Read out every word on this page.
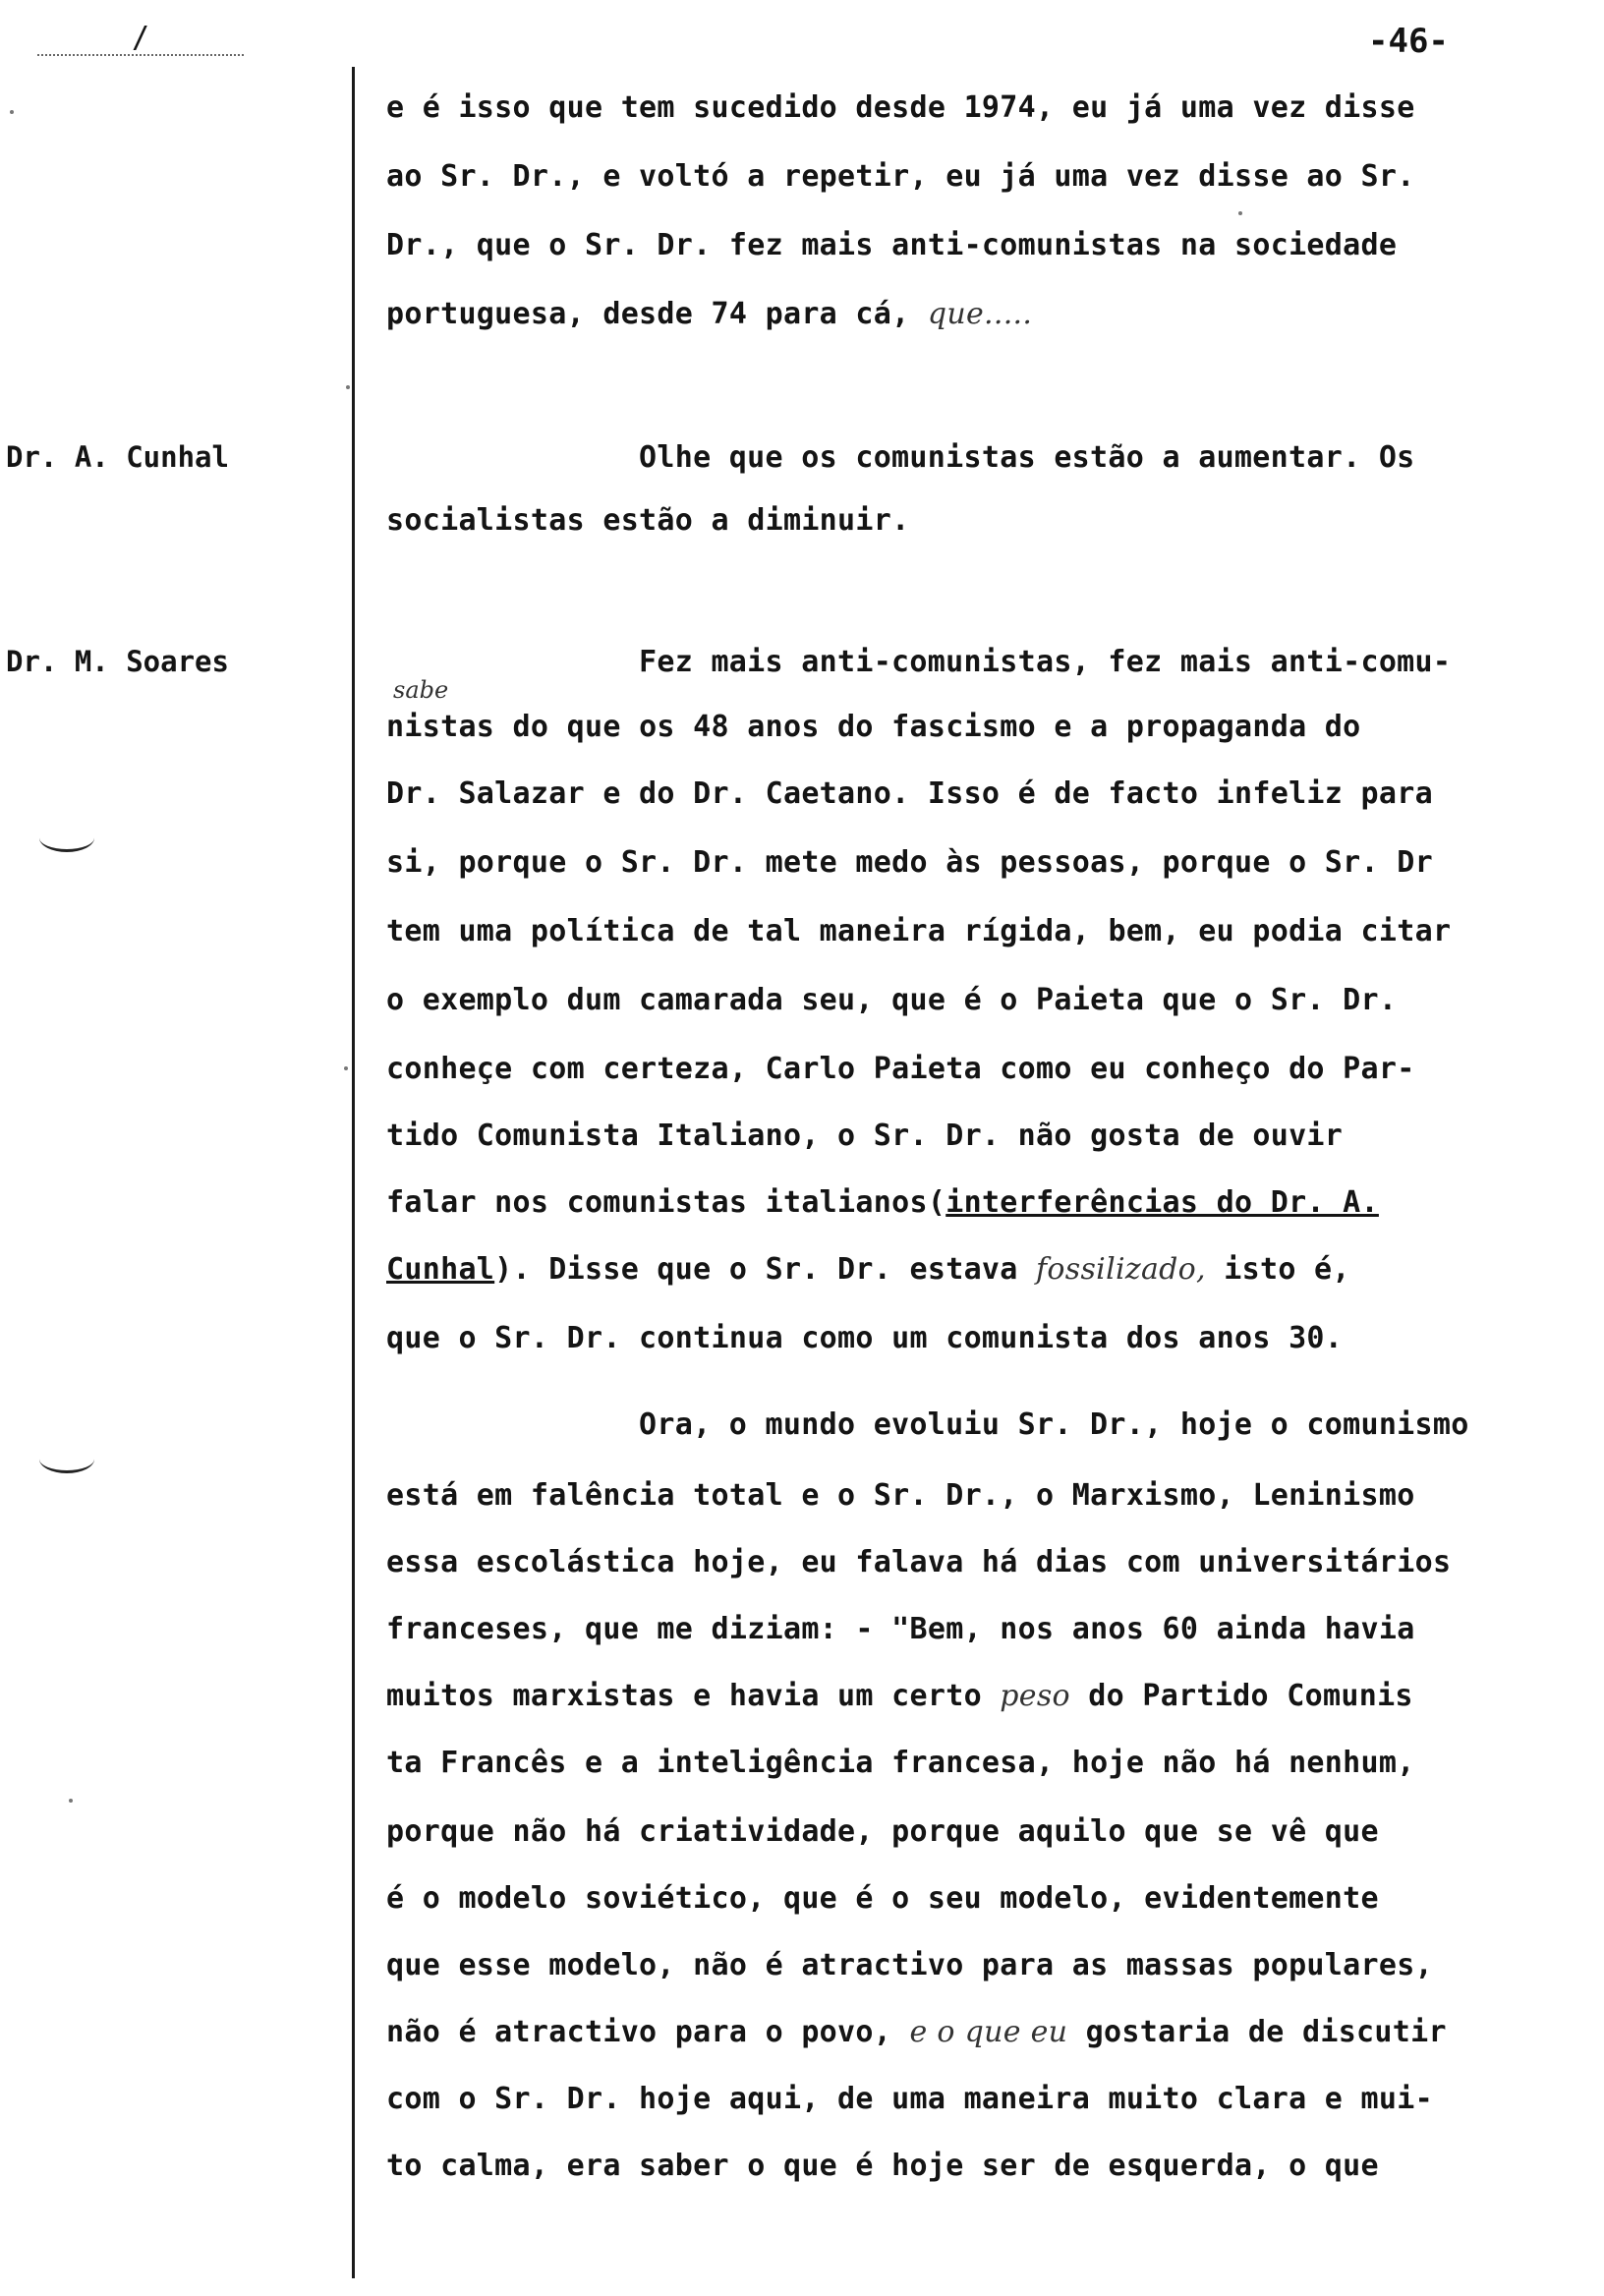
-46-
/
Dr. A. Cunhal
Dr. M. Soares
e é isso que tem sucedido desde 1974, eu já uma vez disse
ao Sr. Dr., e voltó a repetir, eu já uma vez disse ao Sr.
Dr., que o Sr. Dr. fez mais anti-comunistas na sociedade
portuguesa, desde 74 para cá, que.....
Olhe que os comunistas estão a aumentar. Os
socialistas estão a diminuir.
Fez mais anti-comunistas, fez mais anti-comu-
sabe
nistas do que os 48 anos do fascismo e a propaganda do
Dr. Salazar e do Dr. Caetano. Isso é de facto infeliz para
si, porque o Sr. Dr. mete medo às pessoas, porque o Sr. Dr
tem uma política de tal maneira rígida, bem, eu podia citar
o exemplo dum camarada seu, que é o Paieta que o Sr. Dr.
conheçe com certeza, Carlo Paieta como eu conheço do Par-
tido Comunista Italiano, o Sr. Dr. não gosta de ouvir
falar nos comunistas italianos(interferências do Dr. A.
Cunhal). Disse que o Sr. Dr. estava fossilizado, isto é,
que o Sr. Dr. continua como um comunista dos anos 30.
Ora, o mundo evoluiu Sr. Dr., hoje o comunismo
está em falência total e o Sr. Dr., o Marxismo, Leninismo
essa escolástica hoje, eu falava há dias com universitários
franceses, que me diziam: - "Bem, nos anos 60 ainda havia
muitos marxistas e havia um certo peso do Partido Comunis
ta Francês e a inteligência francesa, hoje não há nenhum,
porque não há criatividade, porque aquilo que se vê que
é o modelo soviético, que é o seu modelo, evidentemente
que esse modelo, não é atractivo para as massas populares,
não é atractivo para o povo, e o que eu gostaria de discutir
com o Sr. Dr. hoje aqui, de uma maneira muito clara e mui-
to calma, era saber o que é hoje ser de esquerda, o que
